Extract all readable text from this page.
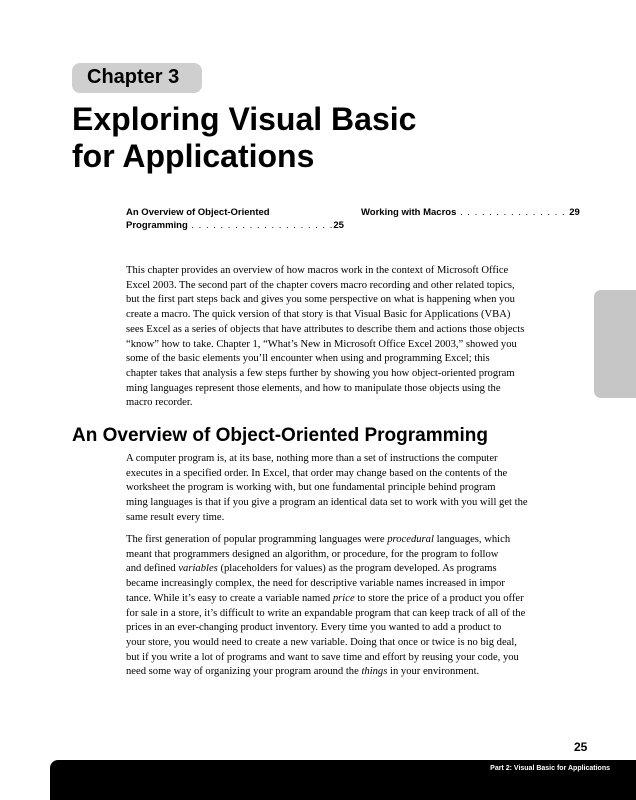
Chapter 3
Exploring Visual Basic
for Applications
An Overview of Object-Oriented
Programming . . . . . . . . . . . . . . . . . . . .25
Working with Macros . . . . . . . . . . . . . . . 29

This chapter provides an overview of how macros work in the context of Microsoft Office
Excel 2003. The second part of the chapter covers macro recording and other related topics,
but the first part steps back and gives you some perspective on what is happening when you
create a macro. The quick version of that story is that Visual Basic for Applications (VBA)
sees Excel as a series of objects that have attributes to describe them and actions those objects
“know” how to take. Chapter 1, “What’s New in Microsoft Office Excel 2003,” showed you
some of the basic elements you’ll encounter when using and programming Excel; this
chapter takes that analysis a few steps further by showing you how object-oriented program
ming languages represent those elements, and how to manipulate those objects using the
macro recorder.

An Overview of Object-Oriented Programming

A computer program is, at its base, nothing more than a set of instructions the computer
executes in a specified order. In Excel, that order may change based on the contents of the
worksheet the program is working with, but one fundamental principle behind program
ming languages is that if you give a program an identical data set to work with you will get the
same result every time.

The first generation of popular programming languages were procedural languages, which
meant that programmers designed an algorithm, or procedure, for the program to follow
and defined variables (placeholders for values) as the program developed. As programs
became increasingly complex, the need for descriptive variable names increased in impor
tance. While it’s easy to create a variable named price to store the price of a product you offer
for sale in a store, it’s difficult to write an expandable program that can keep track of all of the
prices in an ever-changing product inventory. Every time you wanted to add a product to
your store, you would need to create a new variable. Doing that once or twice is no big deal,
but if you write a lot of programs and want to save time and effort by reusing your code, you
need some way of organizing your program around the things in your environment.

25
Part 2: Visual Basic for Applications
